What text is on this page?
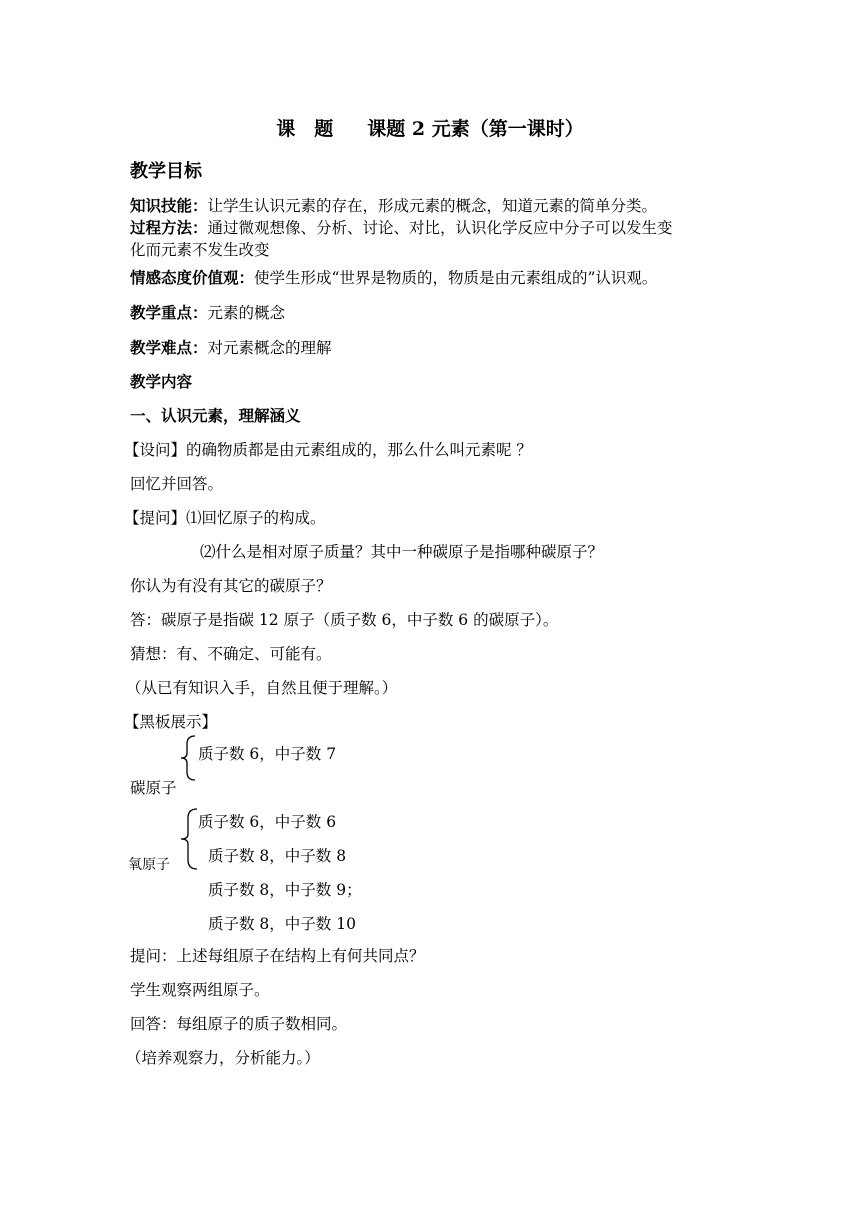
课　题 课题 2 元素（第一课时）
教学目标
知识技能：让学生认识元素的存在，形成元素的概念，知道元素的简单分类。
过程方法：通过微观想像、分析、讨论、对比，认识化学反应中分子可以发生变
化而元素不发生改变
情感态度价值观：使学生形成“世界是物质的，物质是由元素组成的”认识观。
教学重点：元素的概念
教学难点：对元素概念的理解
教学内容
一、认识元素，理解涵义
【设问】的确物质都是由元素组成的，那么什么叫元素呢 ？
回忆并回答。
【提问】⑴回忆原子的构成。
⑵什么是相对原子质量？其中一种碳原子是指哪种碳原子？
你认为有没有其它的碳原子？
答：碳原子是指碳 12 原子（质子数 6，中子数 6 的碳原子）。
猜想：有、不确定、可能有。
（从已有知识入手，自然且便于理解。）
【黑板展示】
质子数 6，中子数 7
碳原子
质子数 6，中子数 6
质子数 8，中子数 8
氧原子
质子数 8，中子数 9；
质子数 8，中子数 10
提问：上述每组原子在结构上有何共同点？
学生观察两组原子。
回答：每组原子的质子数相同。
（培养观察力，分析能力。）
